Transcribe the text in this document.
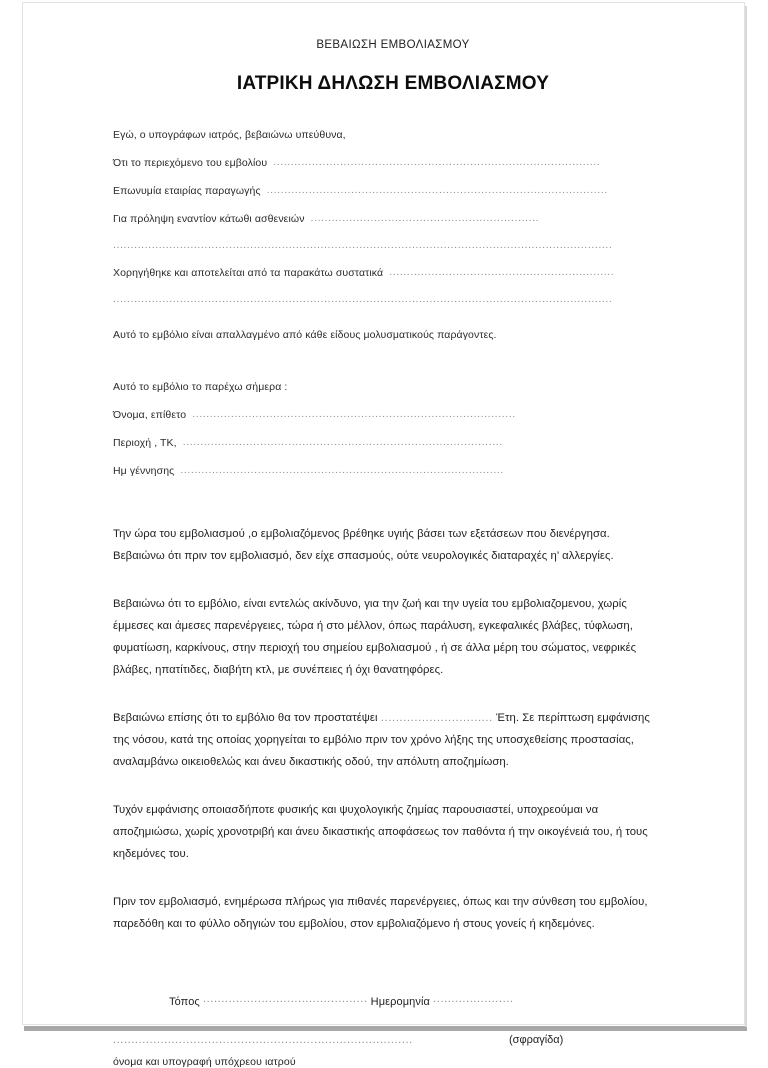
ΒΕΒΑΙΩΣΗ ΕΜΒΟΛΙΑΣΜΟΥ
ΙΑΤΡΙΚΗ ΔΗΛΩΣΗ ΕΜΒΟΛΙΑΣΜΟΥ
Εγώ, ο υπογράφων ιατρός, βεβαιώνω υπεύθυνα,
Ότι το περιεχόμενο του εμβολίου .............................................................................................
Επωνυμία εταιρίας παραγωγής .................................................................................................
Για πρόληψη εναντίον κάτωθι ασθενειών .................................................................
..............................................................................................................................................
Χορηγήθηκε και αποτελείται από τα παρακάτω συστατικά ................................................................
..............................................................................................................................................
Αυτό το εμβόλιο είναι απαλλαγμένο από κάθε είδους μολυσματικούς παράγοντες.
Αυτό το εμβόλιο το παρέχω σήμερα :
Όνομα, επίθετο ............................................................................................
Περιοχή , ΤΚ, ...........................................................................................
Ημ γέννησης ............................................................................................

Την ώρα του εμβολιασμού ,ο εμβολιαζόμενος βρέθηκε υγιής βάσει των εξετάσεων που διενέργησα. Βεβαιώνω ότι πριν τον εμβολιασμό, δεν είχε σπασμούς, ούτε νευρολογικές διαταραχές η’ αλλεργίες.

Βεβαιώνω ότι το εμβόλιο, είναι εντελώς ακίνδυνο, για την ζωή και την υγεία του εμβολιαζομενου, χωρίς έμμεσες και άμεσες παρενέργειες, τώρα ή στο μέλλον, όπως παράλυση, εγκεφαλικές βλάβες, τύφλωση, φυματίωση, καρκίνους, στην περιοχή του σημείου εμβολιασμού , ή σε άλλα μέρη του σώματος, νεφρικές βλάβες, ηπατίτιδες, διαβήτη κτλ, με συνέπειες ή όχι θανατηφόρες.

Βεβαιώνω επίσης ότι το εμβόλιο θα τον προστατέψει .............................. Έτη. Σε περίπτωση εμφάνισης της νόσου, κατά της οποίας χορηγείται το εμβόλιο πριν τον χρόνο λήξης της υποσχεθείσης προστασίας, αναλαμβάνω οικειοθελώς και άνευ δικαστικής οδού, την απόλυτη αποζημίωση.

Τυχόν εμφάνισης οποιασδήποτε φυσικής και ψυχολογικής ζημίας παρουσιαστεί, υποχρεούμαι να αποζημιώσω, χωρίς χρονοτριβή και άνευ δικαστικής αποφάσεως τον παθόντα ή την οικογένειά του, ή τους κηδεμόνες του.

Πριν τον εμβολιασμό, ενημέρωσα πλήρως για πιθανές παρενέργειες, όπως και την σύνθεση του εμβολίου, παρεδόθη και το φύλλο οδηγιών του εμβολίου, στον εμβολιαζόμενο ή στους γονείς ή κηδεμόνες.

Τόπος ............................................. Ημερομηνία ......................
..................................................................................	(σφραγίδα)
όνομα και υπογραφή υπόχρεου ιατρού
